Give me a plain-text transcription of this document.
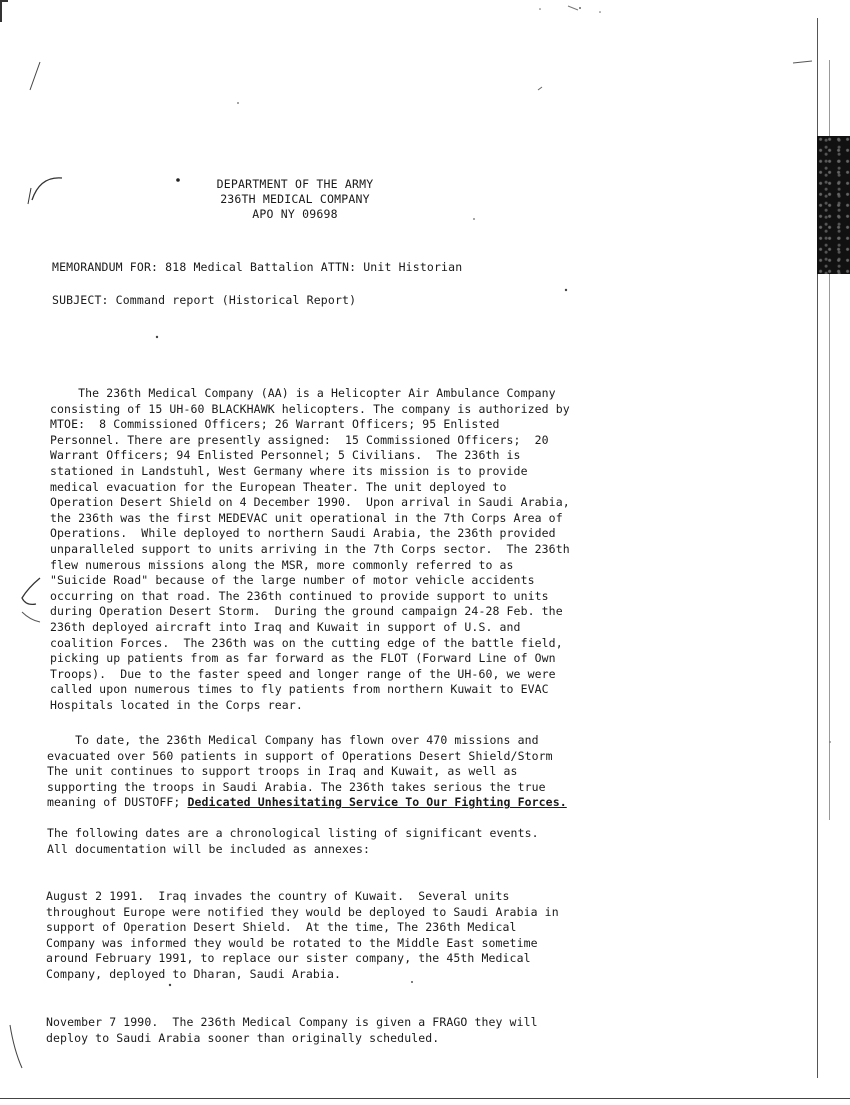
DEPARTMENT OF THE ARMY
236TH MEDICAL COMPANY
APO NY 09698
MEMORANDUM FOR: 818 Medical Battalion ATTN: Unit Historian
SUBJECT: Command report (Historical Report)
The 236th Medical Company (AA) is a Helicopter Air Ambulance Company
consisting of 15 UH-60 BLACKHAWK helicopters. The company is authorized by
MTOE:  8 Commissioned Officers; 26 Warrant Officers; 95 Enlisted
Personnel. There are presently assigned:  15 Commissioned Officers;  20
Warrant Officers; 94 Enlisted Personnel; 5 Civilians.  The 236th is
stationed in Landstuhl, West Germany where its mission is to provide
medical evacuation for the European Theater. The unit deployed to
Operation Desert Shield on 4 December 1990.  Upon arrival in Saudi Arabia,
the 236th was the first MEDEVAC unit operational in the 7th Corps Area of
Operations.  While deployed to northern Saudi Arabia, the 236th provided
unparalleled support to units arriving in the 7th Corps sector.  The 236th
flew numerous missions along the MSR, more commonly referred to as
"Suicide Road" because of the large number of motor vehicle accidents
occurring on that road. The 236th continued to provide support to units
during Operation Desert Storm.  During the ground campaign 24-28 Feb. the
236th deployed aircraft into Iraq and Kuwait in support of U.S. and
coalition Forces.  The 236th was on the cutting edge of the battle field,
picking up patients from as far forward as the FLOT (Forward Line of Own
Troops).  Due to the faster speed and longer range of the UH-60, we were
called upon numerous times to fly patients from northern Kuwait to EVAC
Hospitals located in the Corps rear.
To date, the 236th Medical Company has flown over 470 missions and
evacuated over 560 patients in support of Operations Desert Shield/Storm
The unit continues to support troops in Iraq and Kuwait, as well as
supporting the troops in Saudi Arabia. The 236th takes serious the true
meaning of DUSTOFF; Dedicated Unhesitating Service To Our Fighting Forces.
The following dates are a chronological listing of significant events.
All documentation will be included as annexes:
August 2 1991.  Iraq invades the country of Kuwait.  Several units
throughout Europe were notified they would be deployed to Saudi Arabia in
support of Operation Desert Shield.  At the time, The 236th Medical
Company was informed they would be rotated to the Middle East sometime
around February 1991, to replace our sister company, the 45th Medical
Company, deployed to Dharan, Saudi Arabia.
November 7 1990.  The 236th Medical Company is given a FRAGO they will
deploy to Saudi Arabia sooner than originally scheduled.
